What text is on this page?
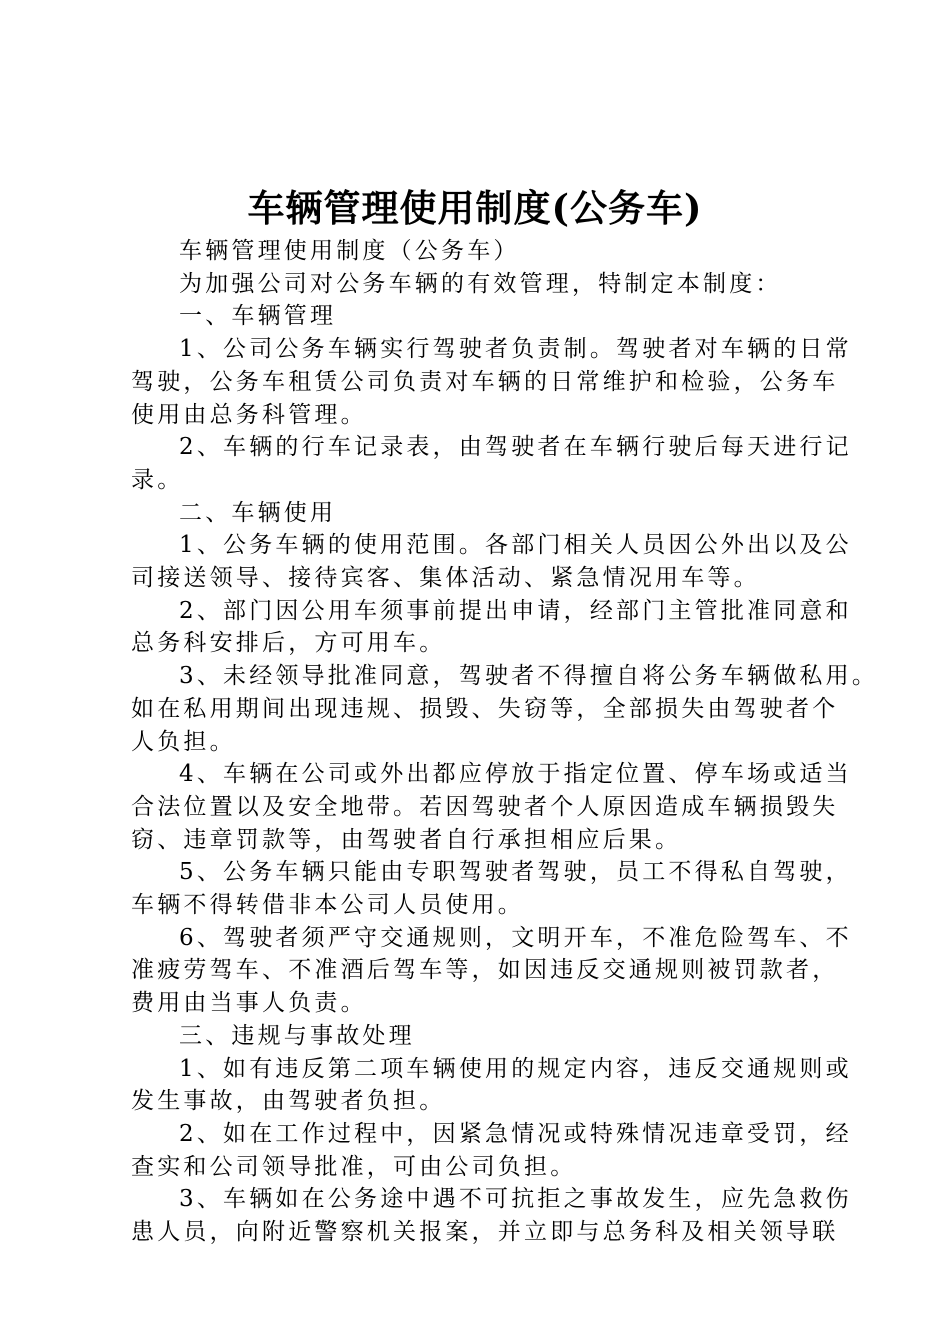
车辆管理使用制度(公务车)

车辆管理使用制度（公务车）

为加强公司对公务车辆的有效管理，特制定本制度：

一、车辆管理

1、公司公务车辆实行驾驶者负责制。驾驶者对车辆的日常

驾驶，公务车租赁公司负责对车辆的日常维护和检验，公务车

使用由总务科管理。

2、车辆的行车记录表，由驾驶者在车辆行驶后每天进行记

录。

二、车辆使用

1、公务车辆的使用范围。各部门相关人员因公外出以及公

司接送领导、接待宾客、集体活动、紧急情况用车等。

2、部门因公用车须事前提出申请，经部门主管批准同意和

总务科安排后，方可用车。

3、未经领导批准同意，驾驶者不得擅自将公务车辆做私用。

如在私用期间出现违规、损毁、失窃等，全部损失由驾驶者个

人负担。

4、车辆在公司或外出都应停放于指定位置、停车场或适当

合法位置以及安全地带。若因驾驶者个人原因造成车辆损毁失

窃、违章罚款等，由驾驶者自行承担相应后果。

5、公务车辆只能由专职驾驶者驾驶，员工不得私自驾驶，

车辆不得转借非本公司人员使用。

6、驾驶者须严守交通规则，文明开车，不准危险驾车、不

准疲劳驾车、不准酒后驾车等，如因违反交通规则被罚款者，

费用由当事人负责。

三、违规与事故处理

1、如有违反第二项车辆使用的规定内容，违反交通规则或

发生事故，由驾驶者负担。

2、如在工作过程中，因紧急情况或特殊情况违章受罚，经

查实和公司领导批准，可由公司负担。

3、车辆如在公务途中遇不可抗拒之事故发生，应先急救伤

患人员，向附近警察机关报案，并立即与总务科及相关领导联
